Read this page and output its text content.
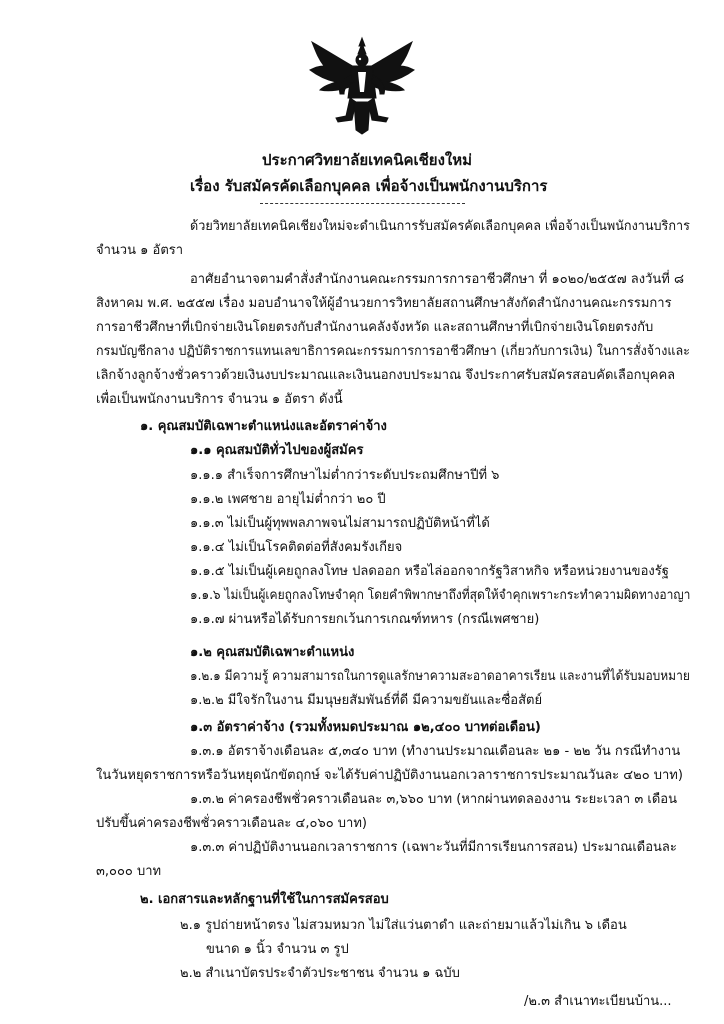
ประกาศวิทยาลัยเทคนิคเชียงใหม่
เรื่อง รับสมัครคัดเลือกบุคคล เพื่อจ้างเป็นพนักงานบริการ
ด้วยวิทยาลัยเทคนิคเชียงใหม่จะดำเนินการรับสมัครคัดเลือกบุคคล เพื่อจ้างเป็นพนักงานบริการ
จำนวน ๑ อัตรา
อาศัยอำนาจตามคำสั่งสำนักงานคณะกรรมการการอาชีวศึกษา ที่ ๑๐๒๐/๒๕๕๗ ลงวันที่ ๘
สิงหาคม พ.ศ. ๒๕๕๗ เรื่อง มอบอำนาจให้ผู้อำนวยการวิทยาลัยสถานศึกษาสังกัดสำนักงานคณะกรรมการ
การอาชีวศึกษาที่เบิกจ่ายเงินโดยตรงกับสำนักงานคลังจังหวัด และสถานศึกษาที่เบิกจ่ายเงินโดยตรงกับ
กรมบัญชีกลาง ปฏิบัติราชการแทนเลขาธิการคณะกรรมการการอาชีวศึกษา (เกี่ยวกับการเงิน) ในการสั่งจ้างและ
เลิกจ้างลูกจ้างชั่วคราวด้วยเงินงบประมาณและเงินนอกงบประมาณ จึงประกาศรับสมัครสอบคัดเลือกบุคคล
เพื่อเป็นพนักงานบริการ จำนวน ๑ อัตรา ดังนี้
๑. คุณสมบัติเฉพาะตำแหน่งและอัตราค่าจ้าง
๑.๑ คุณสมบัติทั่วไปของผู้สมัคร
๑.๑.๑ สำเร็จการศึกษาไม่ต่ำกว่าระดับประถมศึกษาปีที่ ๖
๑.๑.๒ เพศชาย อายุไม่ต่ำกว่า ๒๐ ปี
๑.๑.๓ ไม่เป็นผู้ทุพพลภาพจนไม่สามารถปฏิบัติหน้าที่ได้
๑.๑.๔ ไม่เป็นโรคติดต่อที่สังคมรังเกียจ
๑.๑.๕ ไม่เป็นผู้เคยถูกลงโทษ ปลดออก หรือไล่ออกจากรัฐวิสาหกิจ หรือหน่วยงานของรัฐ
๑.๑.๖ ไม่เป็นผู้เคยถูกลงโทษจำคุก โดยคำพิพากษาถึงที่สุดให้จำคุกเพราะกระทำความผิดทางอาญา
๑.๑.๗ ผ่านหรือได้รับการยกเว้นการเกณฑ์ทหาร (กรณีเพศชาย)
๑.๒ คุณสมบัติเฉพาะตำแหน่ง
๑.๒.๑ มีความรู้ ความสามารถในการดูแลรักษาความสะอาดอาคารเรียน และงานที่ได้รับมอบหมาย
๑.๒.๒ มีใจรักในงาน มีมนุษยสัมพันธ์ที่ดี มีความขยันและซื่อสัตย์
๑.๓ อัตราค่าจ้าง (รวมทั้งหมดประมาณ ๑๒,๔๐๐ บาทต่อเดือน)
๑.๓.๑ อัตราจ้างเดือนละ ๕,๓๔๐ บาท (ทำงานประมาณเดือนละ ๒๑ - ๒๒ วัน กรณีทำงาน
ในวันหยุดราชการหรือวันหยุดนักขัตฤกษ์ จะได้รับค่าปฏิบัติงานนอกเวลาราชการประมาณวันละ ๔๒๐ บาท)
๑.๓.๒ ค่าครองชีพชั่วคราวเดือนละ ๓,๖๖๐ บาท (หากผ่านทดลองงาน ระยะเวลา ๓ เดือน
ปรับขึ้นค่าครองชีพชั่วคราวเดือนละ ๔,๐๖๐ บาท)
๑.๓.๓ ค่าปฏิบัติงานนอกเวลาราชการ (เฉพาะวันที่มีการเรียนการสอน) ประมาณเดือนละ
๓,๐๐๐ บาท
๒. เอกสารและหลักฐานที่ใช้ในการสมัครสอบ
๒.๑ รูปถ่ายหน้าตรง ไม่สวมหมวก ไม่ใส่แว่นตาดำ และถ่ายมาแล้วไม่เกิน ๖ เดือน
ขนาด ๑ นิ้ว จำนวน ๓ รูป
๒.๒ สำเนาบัตรประจำตัวประชาชน จำนวน ๑ ฉบับ
/๒.๓ สำเนาทะเบียนบ้าน...
